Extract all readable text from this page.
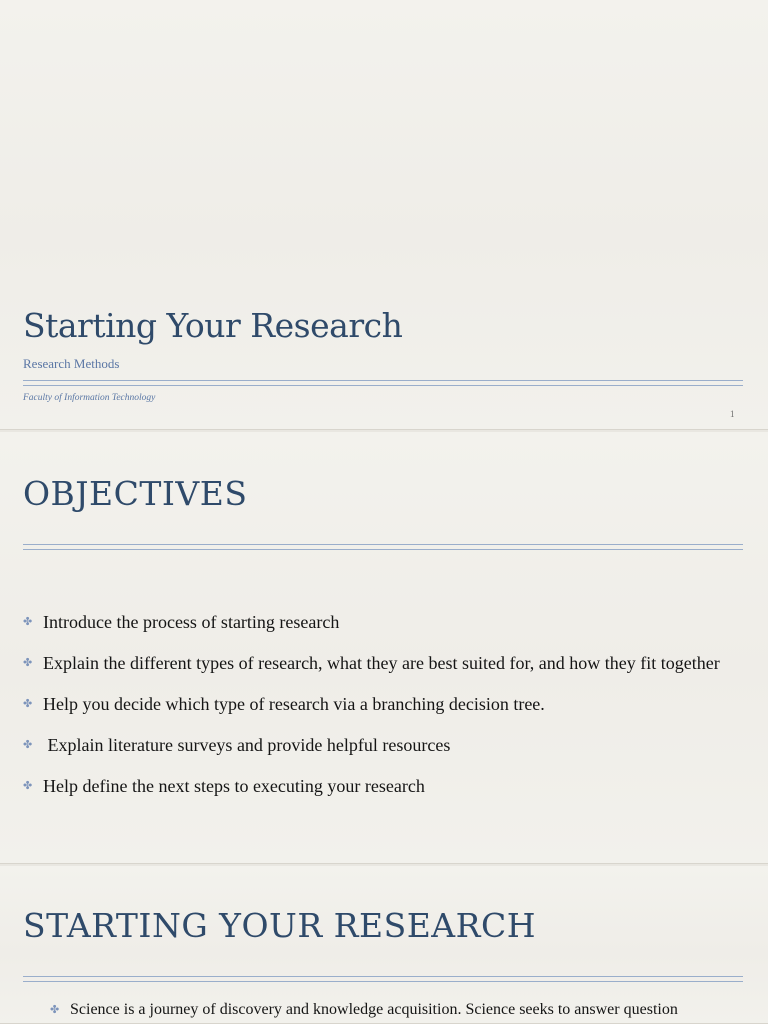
Starting Your Research
Research Methods
Faculty of Information Technology
1
OBJECTIVES
✤ Introduce the process of starting research
✤ Explain the different types of research, what they are best suited for, and how they fit together
✤ Help you decide which type of research via a branching decision tree.
✤ Explain literature surveys and provide helpful resources
✤ Help define the next steps to executing your research
STARTING YOUR RESEARCH
✤ Science is a journey of discovery and knowledge acquisition. Science seeks to answer question
